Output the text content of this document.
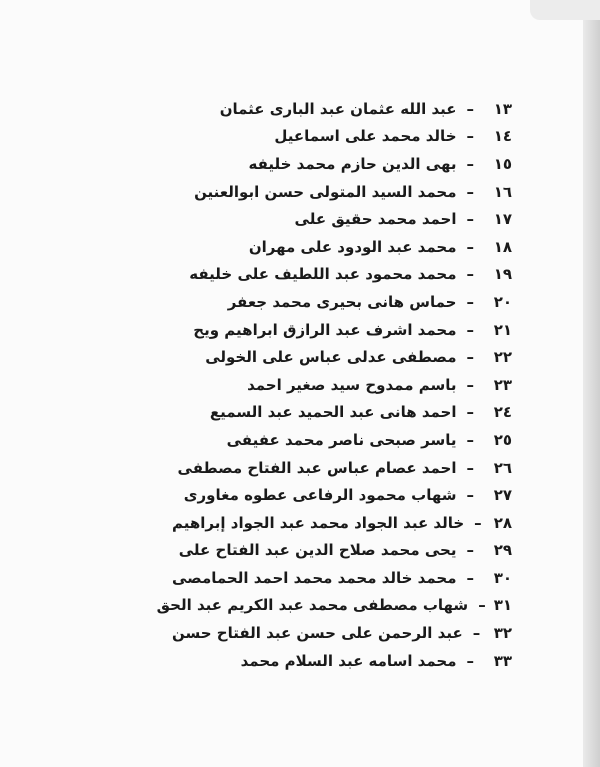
١٣
–
عبد الله عثمان عبد البارى عثمان
١٤
–
خالد محمد على اسماعيل
١٥
–
بهى الدين حازم محمد خليفه
١٦
–
محمد السيد المتولى حسن ابوالعنين
١٧
–
احمد محمد حقيق على
١٨
–
محمد عبد الودود على مهران
١٩
–
محمد محمود عبد اللطيف على خليفه
٢٠
–
حماس هانى بحيرى محمد جعفر
٢١
–
محمد اشرف عبد الرازق ابراهيم ويح
٢٢
–
مصطفى عدلى عباس على الخولى
٢٣
–
باسم ممدوح سيد صغير احمد
٢٤
–
احمد هانى عبد الحميد عبد السميع
٢٥
–
ياسر صبحى ناصر محمد عفيفى
٢٦
–
احمد عصام عباس عبد الفتاح مصطفى
٢٧
–
شهاب محمود الرفاعى عطوه مغاورى
٢٨
–
خالد عبد الجواد محمد عبد الجواد إبراهيم
٢٩
–
يحى محمد صلاح الدين عبد الفتاح على
٣٠
–
محمد خالد محمد محمد احمد الحمامصى
٣١
–
شهاب مصطفى محمد عبد الكريم عبد الحق
٣٢
–
عبد الرحمن على حسن عبد الفتاح حسن
٣٣
–
محمد اسامه عبد السلام محمد
